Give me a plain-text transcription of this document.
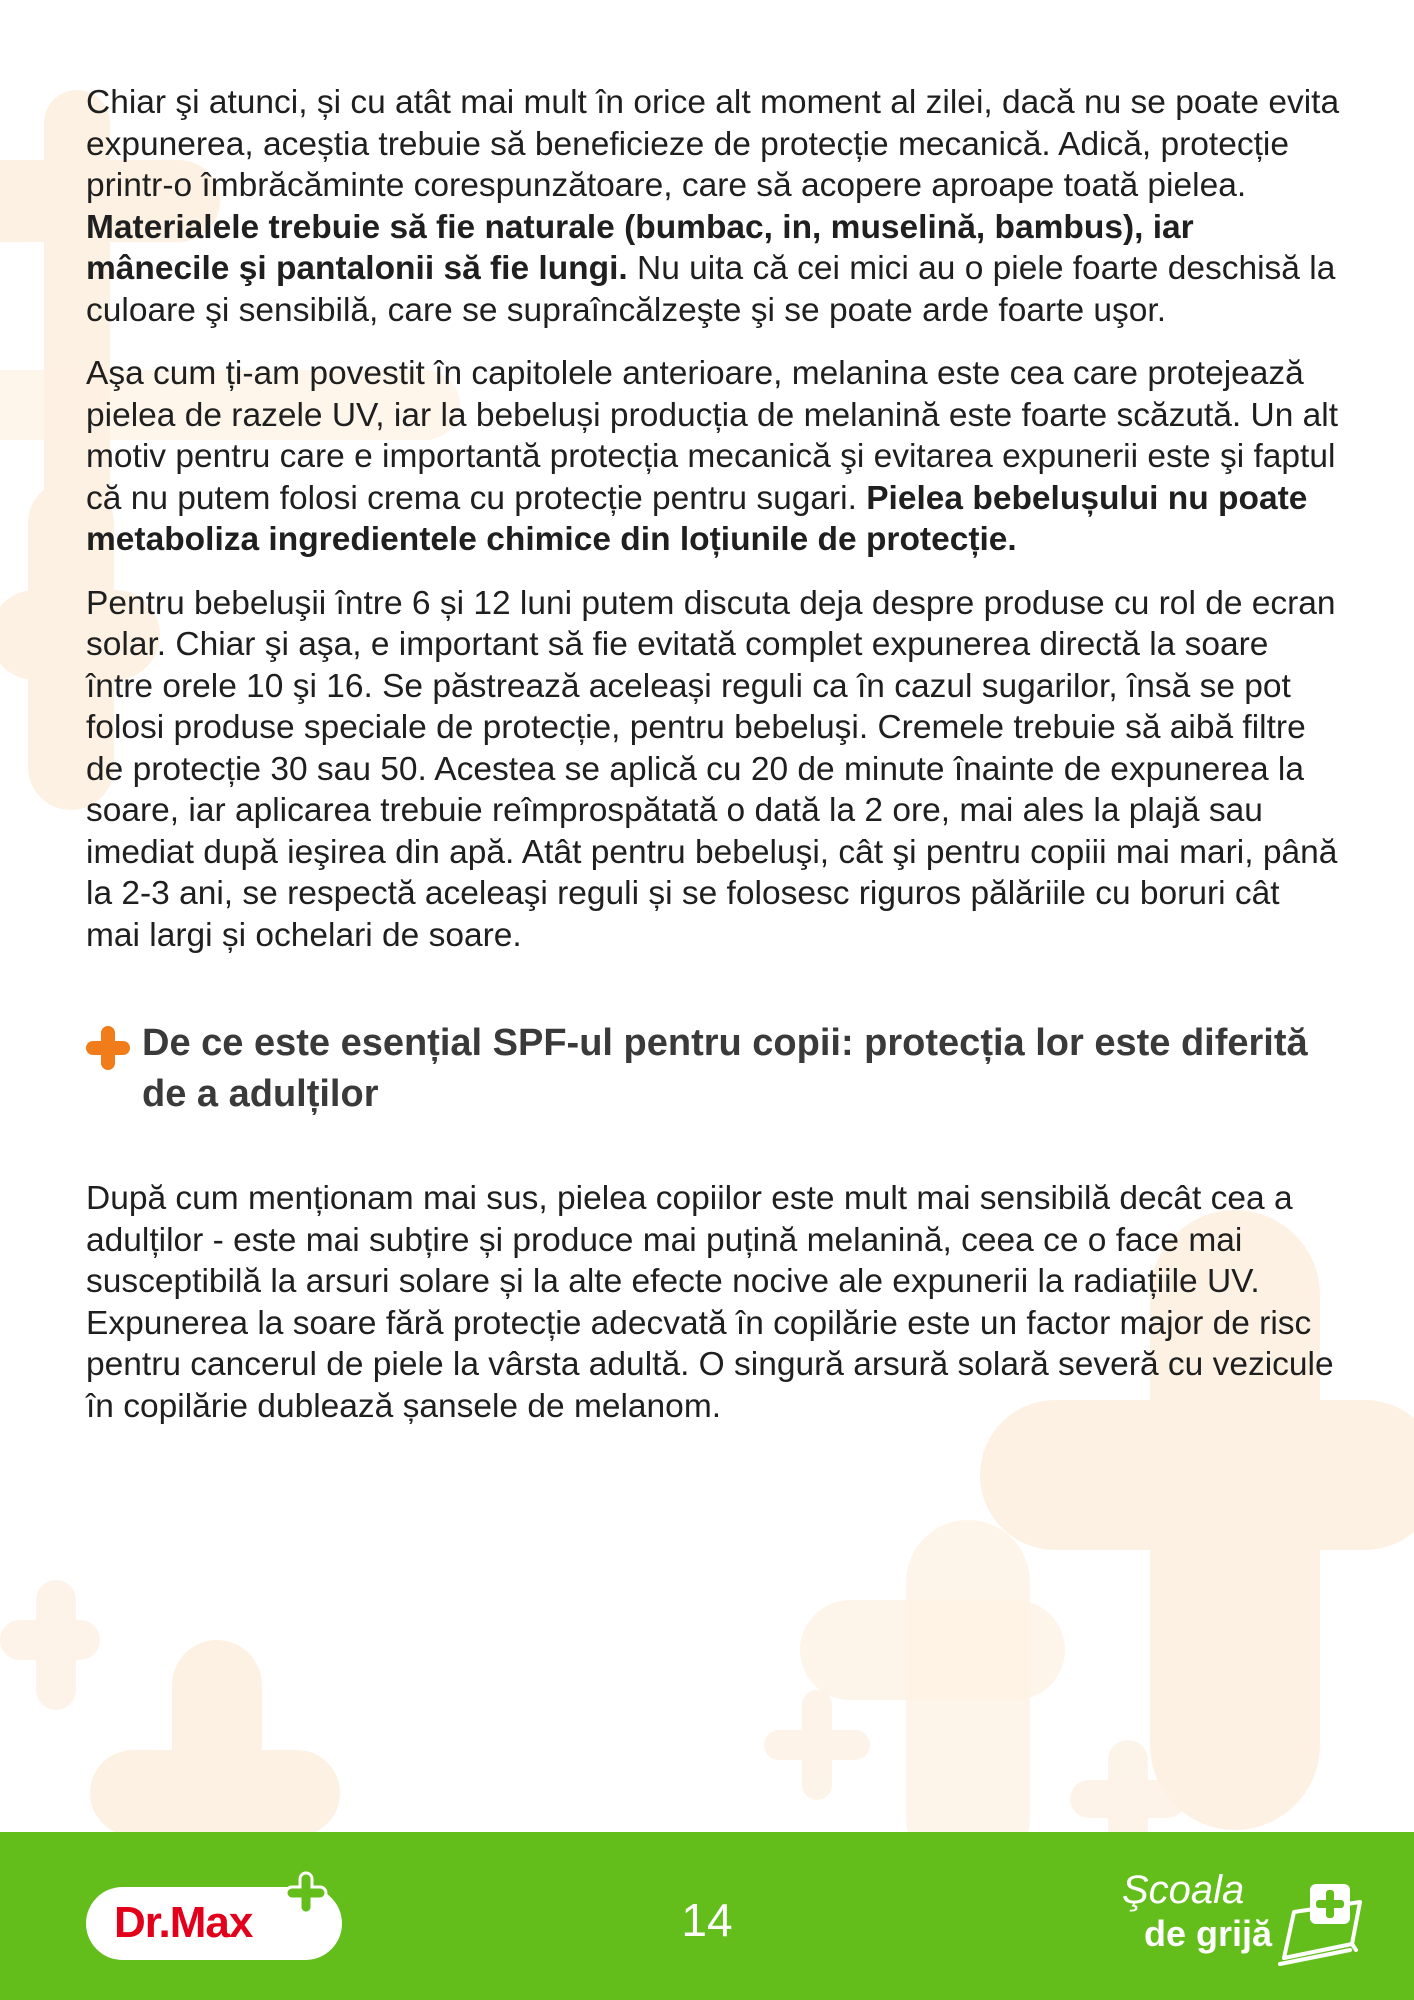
Chiar şi atunci, și cu atât mai mult în orice alt moment al zilei, dacă nu se poate evita expunerea, aceștia trebuie să beneficieze de protecție mecanică. Adică, protecție printr-o îmbrăcăminte corespunzătoare, care să acopere aproape toată pielea. Materialele trebuie să fie naturale (bumbac, in, muselină, bambus), iar mânecile şi pantalonii să fie lungi. Nu uita că cei mici au o piele foarte deschisă la culoare şi sensibilă, care se supraîncălzeşte şi se poate arde foarte uşor.

Aşa cum ți-am povestit în capitolele anterioare, melanina este cea care protejează pielea de razele UV, iar la bebeluși producția de melanină este foarte scăzută. Un alt motiv pentru care e importantă protecția mecanică şi evitarea expunerii este şi faptul că nu putem folosi crema cu protecție pentru sugari. Pielea bebelușului nu poate metaboliza ingredientele chimice din loțiunile de protecție.

Pentru bebeluşii între 6 și 12 luni putem discuta deja despre produse cu rol de ecran solar. Chiar şi aşa, e important să fie evitată complet expunerea directă la soare între orele 10 şi 16. Se păstrează aceleași reguli ca în cazul sugarilor, însă se pot folosi produse speciale de protecție, pentru bebeluşi. Cremele trebuie să aibă filtre de protecție 30 sau 50. Acestea se aplică cu 20 de minute înainte de expunerea la soare, iar aplicarea trebuie reîmprospătată o dată la 2 ore, mai ales la plajă sau imediat după ieşirea din apă. Atât pentru bebeluşi, cât şi pentru copiii mai mari, până la 2-3 ani, se respectă aceleaşi reguli și se folosesc riguros pălăriile cu boruri cât mai largi și ochelari de soare.

De ce este esențial SPF-ul pentru copii: protecția lor este diferită de a adulților

După cum menționam mai sus, pielea copiilor este mult mai sensibilă decât cea a adulților - este mai subțire și produce mai puțină melanină, ceea ce o face mai susceptibilă la arsuri solare și la alte efecte nocive ale expunerii la radiațiile UV.
Expunerea la soare fără protecție adecvată în copilărie este un factor major de risc pentru cancerul de piele la vârsta adultă. O singură arsură solară severă cu vezicule în copilărie dublează șansele de melanom.

Dr.Max	14
Şcoala
de grijă
